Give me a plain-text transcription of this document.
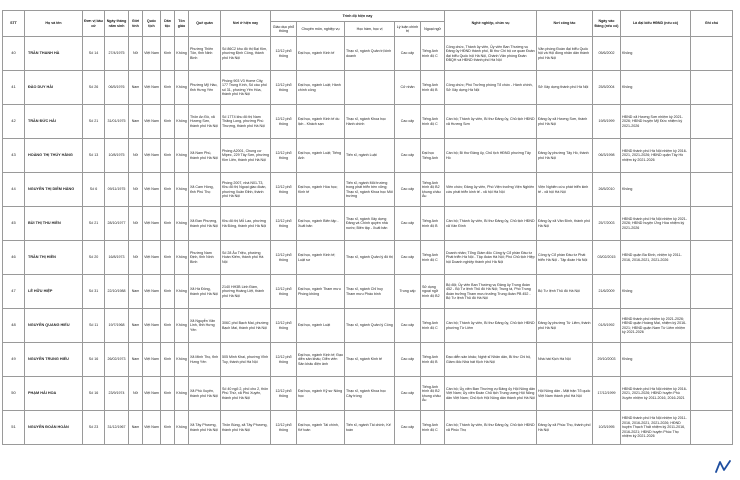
STT	Họ và tên	Đơn vị bầu cử	Ngày tháng năm sinh	Giới tính	Quốc tịch	Dân tộc	Tôn giáo	Quê quán	Nơi ở hiện nay	Trình độ hiện nay					Nghề nghiệp, chức vụ	Nơi công tác	Ngày vào Đảng (nếu có)	Là đại biểu HĐND (nếu có)	Ghi chú
										Giáo dục phổ thông	Chuyên môn, nghiệp vụ	Học hàm, học vị	Lý luận chính trị	Ngoại ngữ					
40	TRẦN THANH HÀ	Số 14	27/4/1975	Nữ	Việt Nam	Kinh	Không	Phường Thiên Tôn, tỉnh Ninh Bình	Số 86C2 khu đô thị Đại Kim, phường Định Công, thành phố Hà Nội	12/12 phổ thông	Đại học, ngành Kinh tế	Thạc sĩ, ngành Quản trị kinh doanh	Cao cấp	Tiếng Anh trình độ C	Công chức, Thành ủy viên, Ủy viên Ban Thường vụ Đảng ủy HĐND thành phố, Bí thư Chi bộ cơ quan Đoàn đại biểu Quốc hội Hà Nội, Chánh Văn phòng Đoàn ĐBQH và HĐND thành phố Hà Nội	Văn phòng Đoàn đại biểu Quốc hội và Hội đồng nhân dân thành phố Hà Nội	05/6/2002	Không	
41	ĐÀO DUY HẢI	Số 26	06/5/1976	Nam	Việt Nam	Kinh	Không	Phường Mỹ Hào, tỉnh Hưng Yên	Phòng 903 V3 Home City, 177 Trung Kính, Số cầu phố số 31, phường Yên Hòa, thành phố Hà Nội	12/12 phổ thông	Đại học, ngành Luật; Hành chính công		Cử nhân	Tiếng Anh trình độ B	Công chức; Phó Trưởng phòng Tổ chức - Hành chính, Sở Xây dựng Hà Nội	Sở Xây dựng thành phố Hà Nội	25/5/2004	Không	
42	TRẦN ĐỨC HẢI	Số 21	31/01/1975	Nam	Việt Nam	Kinh	Không	Thôn An Đồ, xã Hương Sơn, thành phố Hà Nội	Số 17T4 khu đô thị Nam Thăng Long, phường Phú Thượng, thành phố Hà Nội	12/12 phổ thông	Đại học, ngành Kinh tế du lịch - Khách sạn	Thạc sĩ, ngành Khoa học Hành chính	Cao cấp	Tiếng Anh trình độ C	Cán bộ; Thành ủy viên, Bí thư Đảng ủy, Chủ tịch HĐND xã Hương Sơn	Đảng ủy xã Hương Sơn, thành phố Hà Nội	19/5/1999	HĐND xã Hương Sơn nhiệm kỳ 2021-2026; HĐND huyện Mỹ Đức nhiệm kỳ 2021-2026	
43	HOÀNG THỊ THÚY HẰNG	Số 13	10/8/1975	Nữ	Việt Nam	Kinh	Không	Xã Nam Phù, thành phố Hà Nội	Phòng A2001, Chung cư Mipec, 229 Tây Sơn, phường Kim Liên, thành phố Hà Nội	12/12 phổ thông	Đại học, ngành Luật; Tiếng Anh	Tiến sĩ, ngành Luật	Cao cấp	Đại học Tiếng Anh	Cán bộ; Bí thư Đảng ủy, Chủ tịch HĐND phường Tây Hồ	Đảng ủy phường Tây Hồ, thành phố Hà Nội	06/3/1998	HĐND thành phố Hà Nội nhiệm kỳ 2016-2021, 2021-2026; HĐND quận Tây Hồ nhiệm kỳ 2021-2026	
44	NGUYỄN THỊ DIỄM HẰNG	Số 6	09/11/1975	Nữ	Việt Nam	Kinh	Không	Xã Cam Hồng, tỉnh Phú Thọ	Phòng 2007, nhà N01-T3, Khu đô thị Ngoại giao đoàn, phường Xuân Đỉnh, thành phố Hà Nội	12/12 phổ thông	Đại học, ngành Hóa học; Kinh tế	Tiến sĩ, ngành Môi trường trong phát triển bền vững; Thạc sĩ, ngành Khoa học Môi trường	Cao cấp	Tiếng Anh trình độ B2 khung châu Âu	Viên chức; Đảng ủy viên, Phó Viện trưởng Viện Nghiên cứu phát triển kinh tế - xã hội Hà Nội	Viện Nghiên cứu phát triển kinh tế - xã hội Hà Nội	26/5/2010	Không	
45	BÙI THỊ THU HIỀN	Số 21	28/10/1977	Nữ	Việt Nam	Kinh	Không	Xã Đan Phượng, thành phố Hà Nội	Khu đô thị Mỗ Lao, phường Hà Đông, thành phố Hà Nội	12/12 phổ thông	Đại học, ngành Biên tập - Xuất bản	Thạc sĩ, ngành Xây dựng Đảng và Chính quyền nhà nước; Biên tập - Xuất bản	Cao cấp	Tiếng Anh trình độ B	Cán bộ; Thành ủy viên, Bí thư Đảng ủy, Chủ tịch HĐND xã Vân Đình	Đảng ủy xã Vân Đình, thành phố Hà Nội	25/7/2003	HĐND thành phố Hà Nội nhiệm kỳ 2021-2026; HĐND huyện Ứng Hòa nhiệm kỳ 2021-2026	
46	TRẦN THỊ HIỀN	Số 20	16/8/1973	Nữ	Việt Nam	Kinh	Không	Phường Nam Định, tỉnh Ninh Bình	Số 28 Âu Triệu, phường Hoàn Kiếm, thành phố Hà Nội	12/12 phổ thông	Đại học, ngành Kinh tế; Luật sư	Thạc sĩ, ngành Quản lý đô thị	Cao cấp	Tiếng Anh trình độ C	Doanh nhân; Tổng Giám đốc Công ty Cổ phần Đầu tư Phát triển Hà Nội - Tập đoàn Hà Nội; Phó Chủ tịch Hiệp hội Doanh nghiệp thành phố Hà Nội	Công ty Cổ phần Đầu tư Phát triển Hà Nội - Tập đoàn Hà Nội	03/02/2015	HĐND quận Ba Đình, nhiệm kỳ 2011-2016, 2016-2021, 2021-2026	
47	LÊ HỮU HIỆP	Số 31	22/10/1988	Nam	Việt Nam	Kinh	Không	Xã Hà Đông, thành phố Hà Nội	2140 HH3B Linh Đàm, phường Hoàng Liệt, thành phố Hà Nội	12/12 phổ thông	Đại học, ngành Tham mưu Phòng không	Thạc sĩ, ngành Chỉ huy Tham mưu Pháo binh	Trung cấp	Sử dụng ngoại ngữ trình độ B2	Bộ đội; Ủy viên Ban Thường vụ Đảng ủy Trung đoàn 452 - Bộ Tư lệnh Thủ đô Hà Nội; Trung tá, Phó Trung đoàn trưởng Tham mưu trưởng Trung đoàn PB 452 - Bộ Tư lệnh Thủ đô Hà Nội	Bộ Tư lệnh Thủ đô Hà Nội	21/6/2009	Không	
48	NGUYỄN QUANG HIẾU	Số 11	19/7/1968	Nam	Việt Nam	Kinh	Không	Xã Nguyễn Văn Linh, tỉnh Hưng Yên	306C phố Bạch Mai, phường Bạch Mai, thành phố Hà Nội	12/12 phổ thông	Đại học, ngành Luật	Thạc sĩ, ngành Quản lý Công	Cao cấp	Tiếng Anh trình độ C	Cán bộ; Thành ủy viên, Bí thư Đảng ủy, Chủ tịch HĐND phường Từ Liêm	Đảng ủy phường Từ Liêm, thành phố Hà Nội	01/5/1992	HĐND thành phố nhiệm kỳ 2021-2026; HĐND quận Hoàng Mai, nhiệm kỳ 2016-2021; HĐND quận Nam Từ Liêm nhiệm kỳ 2021-2026	
49	NGUYỄN TRUNG HIẾU	Số 16	26/02/1973	Nam	Việt Nam	Kinh	Không	Xã Minh Thọ, tỉnh Hưng Yên	505 Minh Khai, phường Vĩnh Tuy, thành phố Hà Nội	12/12 phổ thông	Đại học, ngành Kinh tế; Đạo diễn sân khấu; Diễn viên Sân khấu điện ảnh	Thạc sĩ, ngành Kinh tế	Cao cấp	Tiếng Anh trình độ B	Đạo diễn sân khấu; Nghệ sĩ Nhân dân, Bí thư Chi bộ, Giám đốc Nhà hát Kịch Hà Nội	Nhà hát Kịch Hà Nội	29/10/2003	Không	
50	PHẠM HẢI HOA	Số 16	23/9/1974	Nữ	Việt Nam	Kinh	Không	Xã Phú Xuyên, thành phố Hà Nội	Số 40 ngõ 2, phố cho 2, thôn Phú Thứ, xã Phú Xuyên, thành phố Hà Nội	12/12 phổ thông	Đại học, ngành Kỹ sư Nông học	Thạc sĩ, ngành Khoa học Cây trồng	Cao cấp	Tiếng Anh trình độ B2 khung châu Âu	Cán bộ; Ủy viên Ban Thường vụ Đảng ủy Hội Nông dân Việt Nam; Ủy viên Đoàn Chủ tịch Trung ương Hội Nông dân Việt Nam; Chủ tịch Hội Nông dân thành phố Hà Nội	Hội Nông dân - Mặt trận Tổ quốc Việt Nam thành phố Hà Nội	17/12/1999	HĐND thành phố Hà Nội nhiệm kỳ 2016-2021, 2021-2026; HĐND huyện Phú Xuyên nhiệm kỳ 2011-2016, 2016-2021	
51	NGUYỄN ĐOÀN HOÀN	Số 23	31/12/1967	Nam	Việt Nam	Kinh	Không	Xã Tây Phương, thành phố Hà Nội	Thôn Bùng, xã Tây Phương, thành phố Hà Nội	12/12 phổ thông	Đại học, ngành Tài chính, Kế toán	Tiến sĩ, ngành Tài chính, Kế toán	Cao cấp	Tiếng Anh trình độ C	Cán bộ; Thành ủy viên, Bí thư Đảng ủy, Chủ tịch HĐND xã Phúc Thọ	Đảng ủy xã Phúc Thọ, thành phố Hà Nội	10/3/1995	HĐND thành phố Hà Nội nhiệm kỳ 2011-2016, 2016-2021, 2021-2026; HĐND huyện Thạch Thất nhiệm kỳ 2011-2016, 2016-2021; HĐND huyện Phúc Thọ nhiệm kỳ 2021-2026	
